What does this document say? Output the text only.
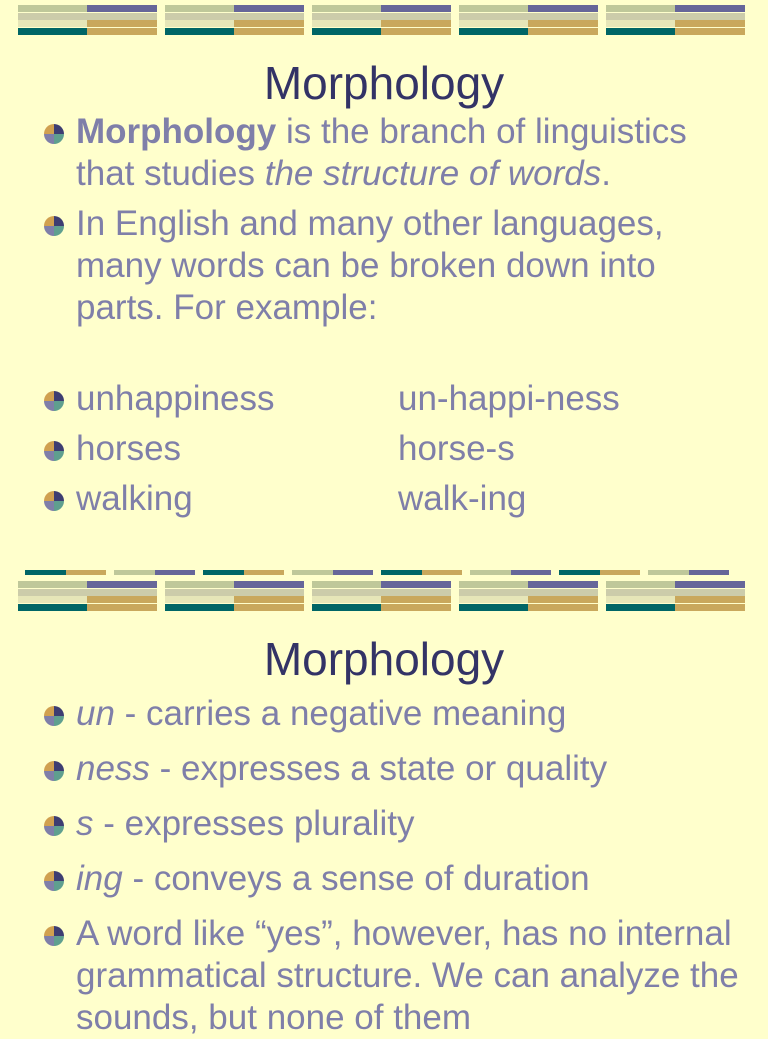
Morphology
Morphology is the branch of linguistics that studies the structure of words.
In English and many other languages, many words can be broken down into parts. For example:
unhappiness	un-happi-ness
horses	horse-s
walking	walk-ing
Morphology
un - carries a negative meaning
ness - expresses a state or quality
s - expresses plurality
ing - conveys a sense of duration
A word like “yes”, however, has no internal grammatical structure. We can analyze the sounds, but none of them
